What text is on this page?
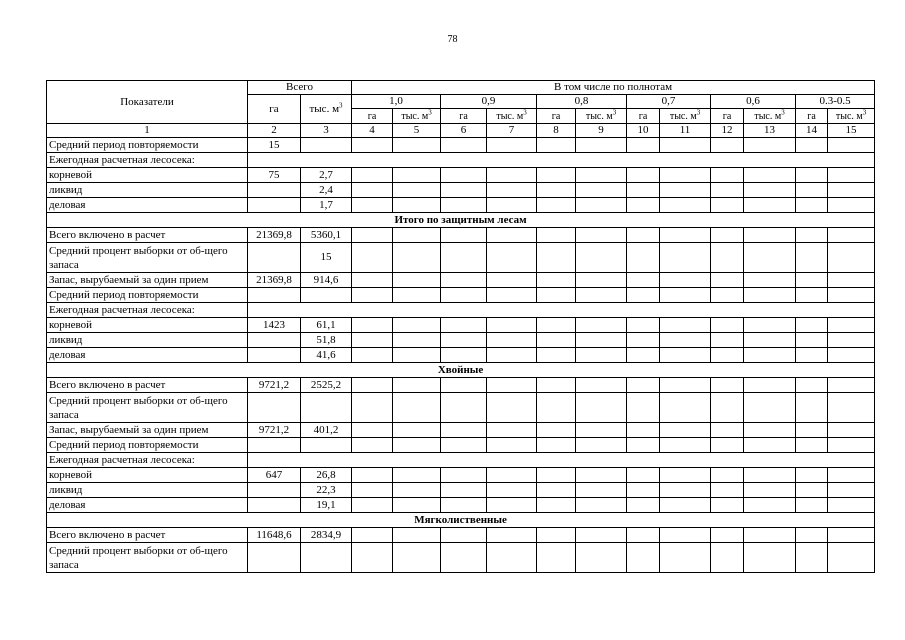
78
Показатели	Всего		В том числе по полнотам											
	га	тыс. $м^3$	1,0		0,9		0,8		0,7		0,6		0.3-0.5	
			га	тыс. $м^3$	га	тыс. $м^3$	га	тыс. $м^3$	га	тыс. $м^3$	га	тыс. $м^3$	га	тыс. $м^3$
1	2	3	4	5	6	7	8	9	10	11	12	13	14	15
Средний период повторяемости	15													
Ежегодная расчетная лесосека:														
корневой	75	2,7												
ликвид		2,4												
деловая		1,7												
Итого по защитным лесам														
Всего включено в расчет	21369,8	5360,1												
Средний процент выборки от об-щего запаса		15												
Запас, вырубаемый за один прием	21369,8	914,6												
Средний период повторяемости														
Ежегодная расчетная лесосека:														
корневой	1423	61,1												
ликвид		51,8												
деловая		41,6												
Хвойные														
Всего включено в расчет	9721,2	2525,2												
Средний процент выборки от об-щего запаса														
Запас, вырубаемый за один прием	9721,2	401,2												
Средний период повторяемости														
Ежегодная расчетная лесосека:														
корневой	647	26,8												
ликвид		22,3												
деловая		19,1												
Мягколиственные														
Всего включено в расчет	11648,6	2834,9												
Средний процент выборки от об-щего запаса														
